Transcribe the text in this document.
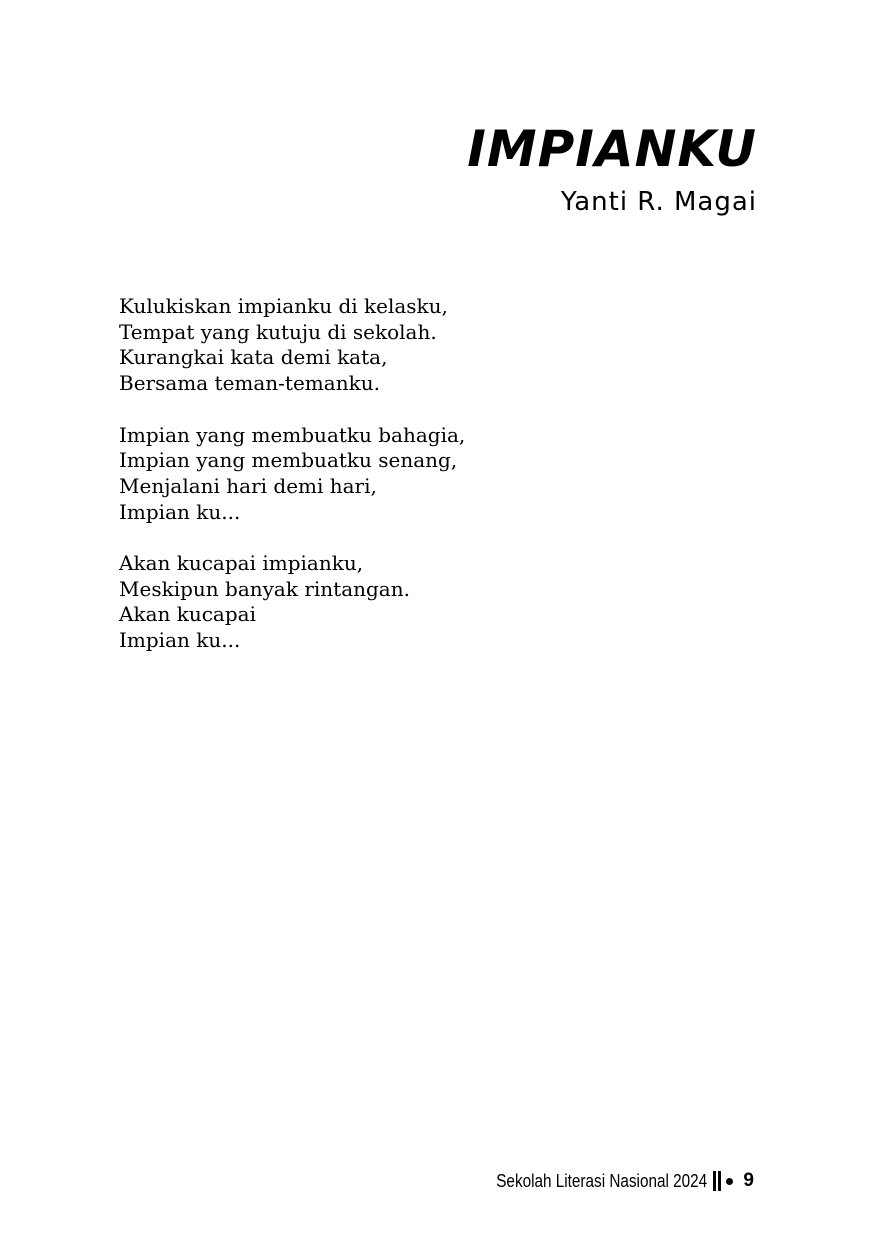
IMPIANKU
Yanti R. Magai
Kulukiskan impianku di kelasku,
Tempat yang kutuju di sekolah.
Kurangkai kata demi kata,
Bersama teman-temanku.
Impian yang membuatku bahagia,
Impian yang membuatku senang,
Menjalani hari demi hari,
Impian ku...
Akan kucapai impianku,
Meskipun banyak rintangan.
Akan kucapai
Impian ku...
Sekolah Literasi Nasional 2024 9
